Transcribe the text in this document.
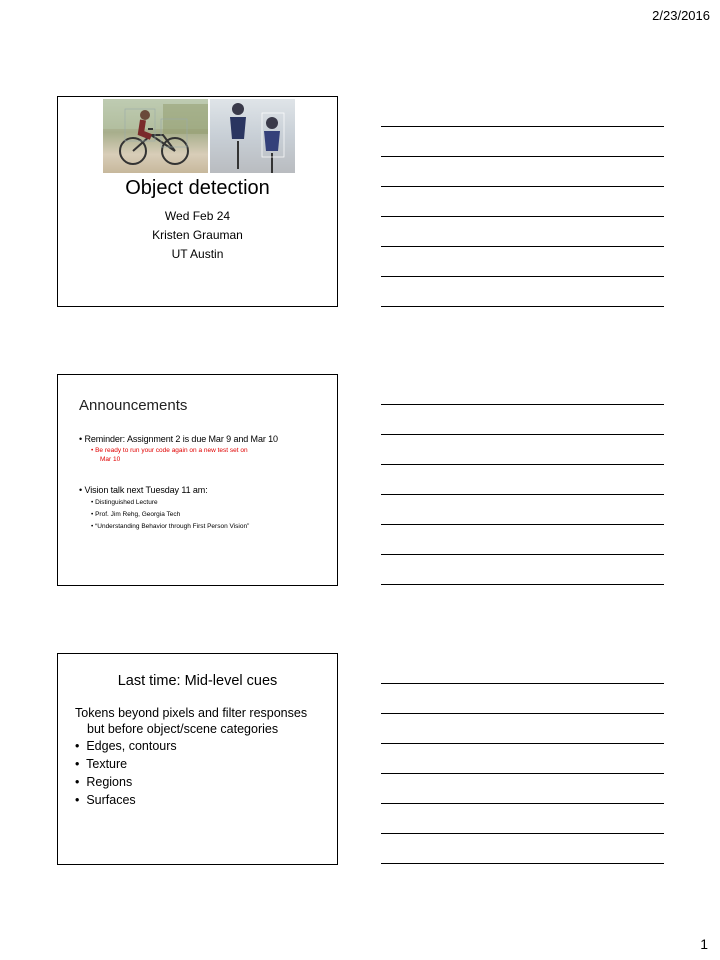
2/23/2016
Object detection
Wed Feb 24
Kristen Grauman
UT Austin
Announcements
• Reminder: Assignment 2 is due Mar 9 and Mar 10
• Be ready to run your code again on a new test set on
Mar 10
• Vision talk next Tuesday 11 am:
• Distinguished Lecture
• Prof. Jim Rehg, Georgia Tech
• “Understanding Behavior through First Person Vision”
Last time: Mid-level cues
Tokens beyond pixels and filter responses
but before object/scene categories
• Edges, contours
• Texture
• Regions
• Surfaces
1
